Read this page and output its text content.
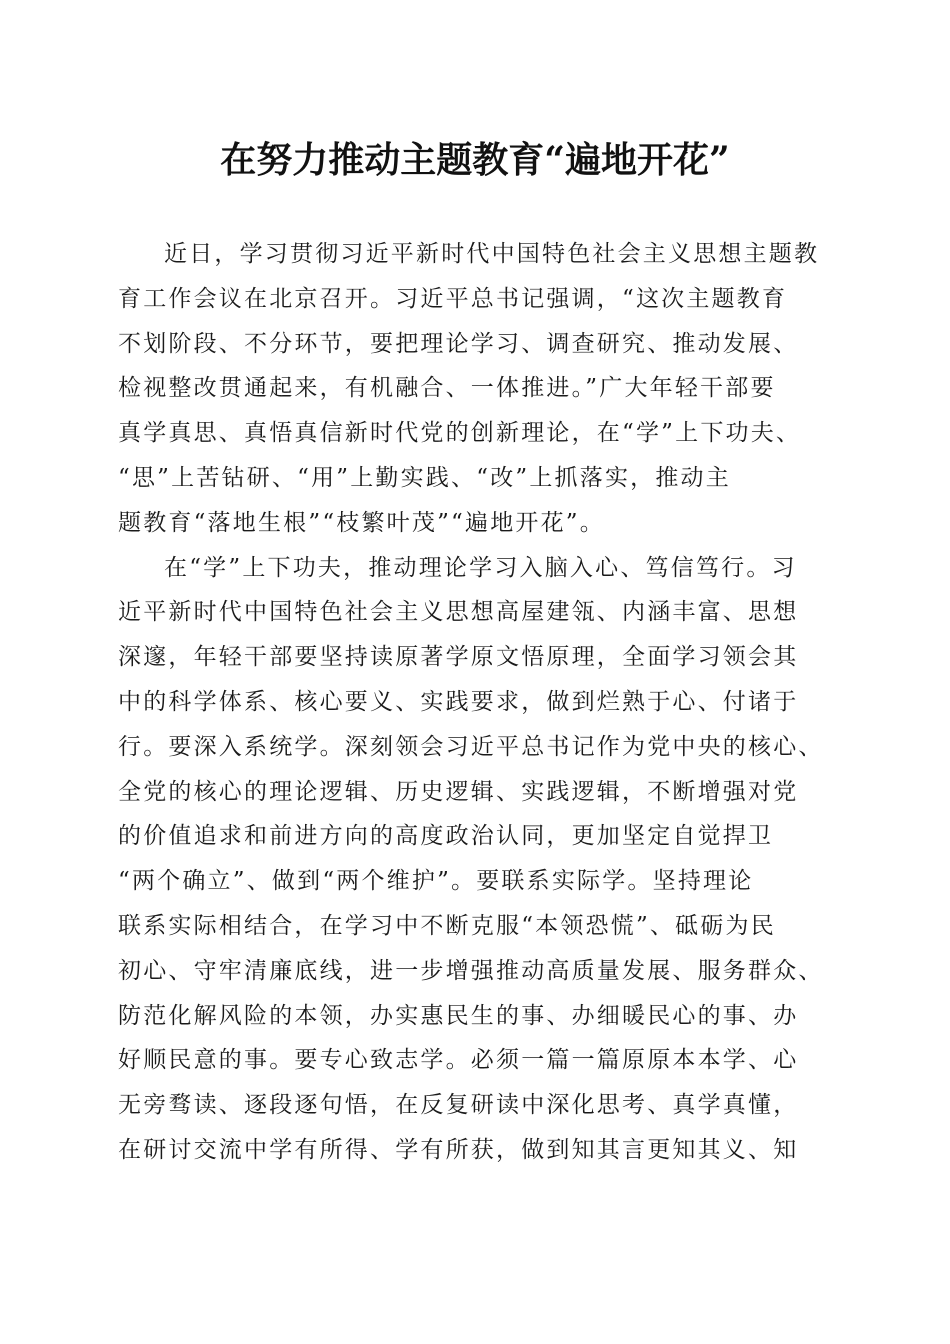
在努力推动主题教育“遍地开花”
近日，学习贯彻习近平新时代中国特色社会主义思想主题教
育工作会议在北京召开。习近平总书记强调，“这次主题教育
不划阶段、不分环节，要把理论学习、调查研究、推动发展、
检视整改贯通起来，有机融合、一体推进。”广大年轻干部要
真学真思、真悟真信新时代党的创新理论，在“学”上下功夫、
“思”上苦钻研、“用”上勤实践、“改”上抓落实，推动主
题教育“落地生根”“枝繁叶茂”“遍地开花”。
在“学”上下功夫，推动理论学习入脑入心、笃信笃行。习
近平新时代中国特色社会主义思想高屋建瓴、内涵丰富、思想
深邃，年轻干部要坚持读原著学原文悟原理，全面学习领会其
中的科学体系、核心要义、实践要求，做到烂熟于心、付诸于
行。要深入系统学。深刻领会习近平总书记作为党中央的核心、
全党的核心的理论逻辑、历史逻辑、实践逻辑，不断增强对党
的价值追求和前进方向的高度政治认同，更加坚定自觉捍卫
“两个确立”、做到“两个维护”。要联系实际学。坚持理论
联系实际相结合，在学习中不断克服“本领恐慌”、砥砺为民
初心、守牢清廉底线，进一步增强推动高质量发展、服务群众、
防范化解风险的本领，办实惠民生的事、办细暖民心的事、办
好顺民意的事。要专心致志学。必须一篇一篇原原本本学、心
无旁骛读、逐段逐句悟，在反复研读中深化思考、真学真懂，
在研讨交流中学有所得、学有所获，做到知其言更知其义、知
